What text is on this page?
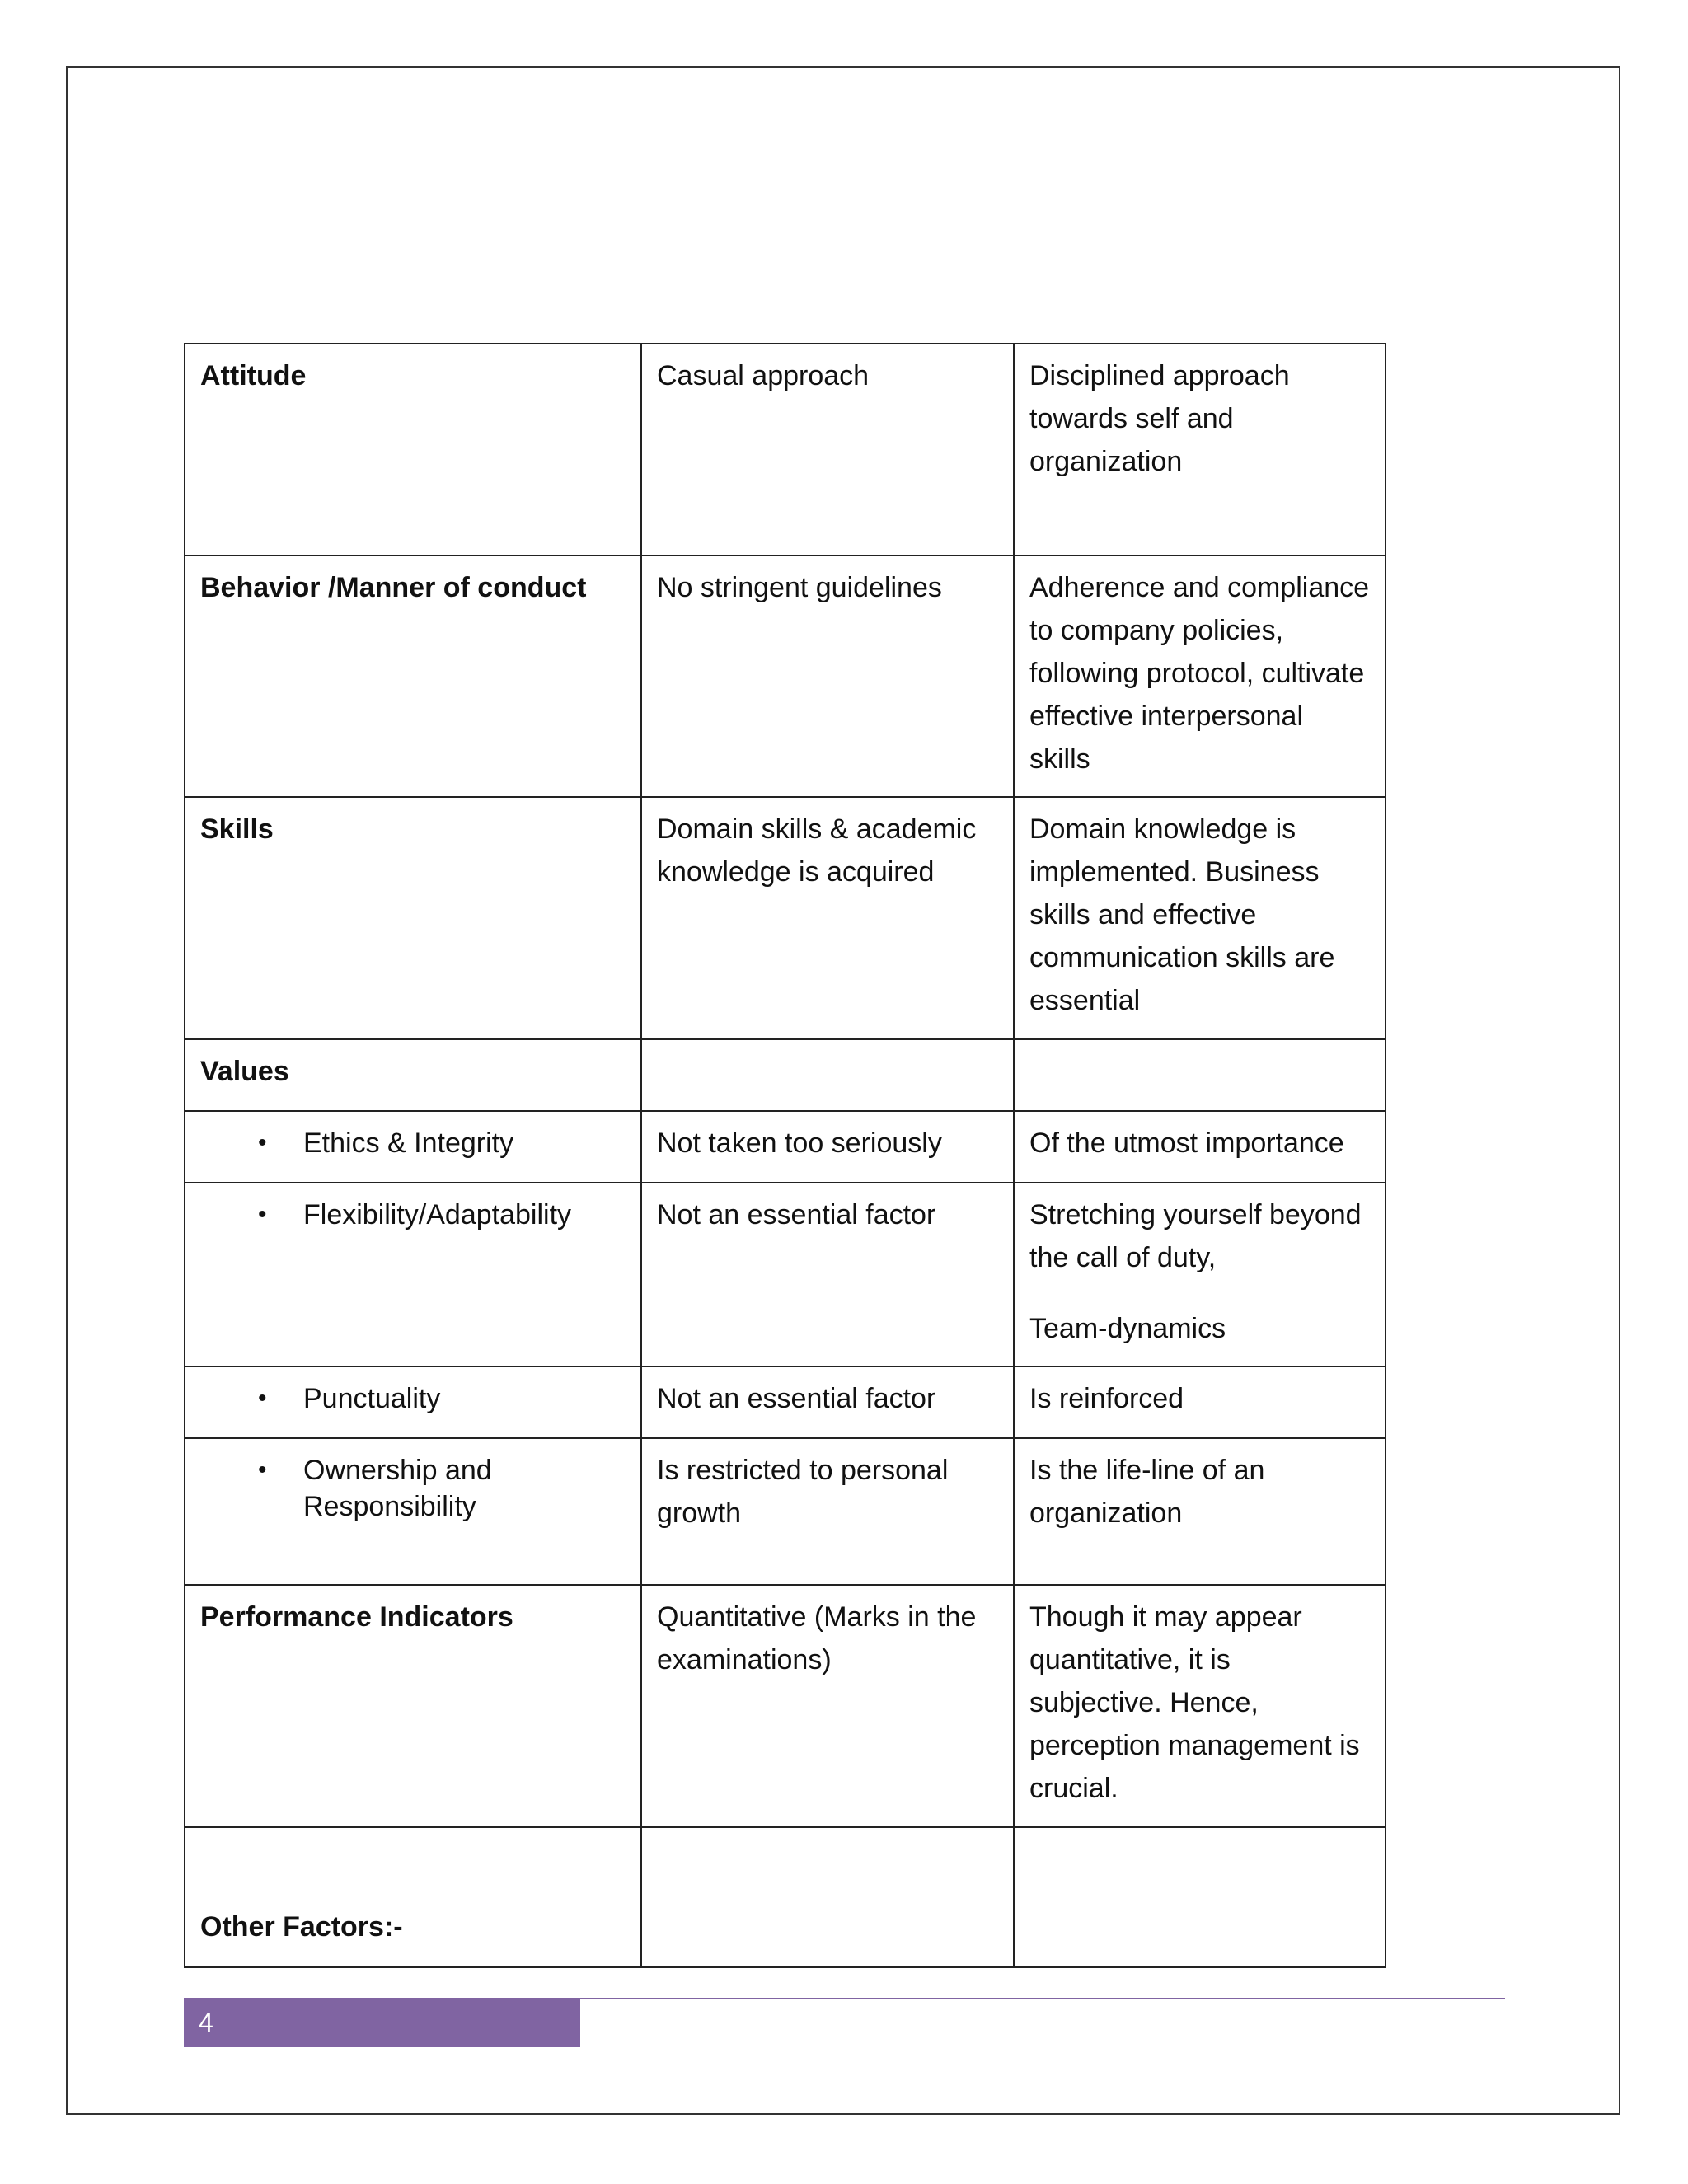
Attitude	Casual approach	Disciplined approach towards self and organization
Behavior /Manner of conduct	No stringent guidelines	Adherence and compliance to company policies, following protocol, cultivate effective interpersonal skills
Skills	Domain skills & academic knowledge is acquired	Domain knowledge is implemented. Business skills and effective communication skills are essential
Values		

• Ethics & Integrity	Not taken too seriously	Of the utmost importance

• Flexibility/Adaptability	Not an essential factor	Stretching yourself beyond the call of duty,
Team-dynamics

• Punctuality	Not an essential factor	Is reinforced

• Ownership and Responsibility	Is restricted to personal growth	Is the life-line of an organization
Performance Indicators	Quantitative (Marks in the examinations)	Though it may appear quantitative, it is subjective. Hence, perception management is crucial.

Other Factors:-		

4
